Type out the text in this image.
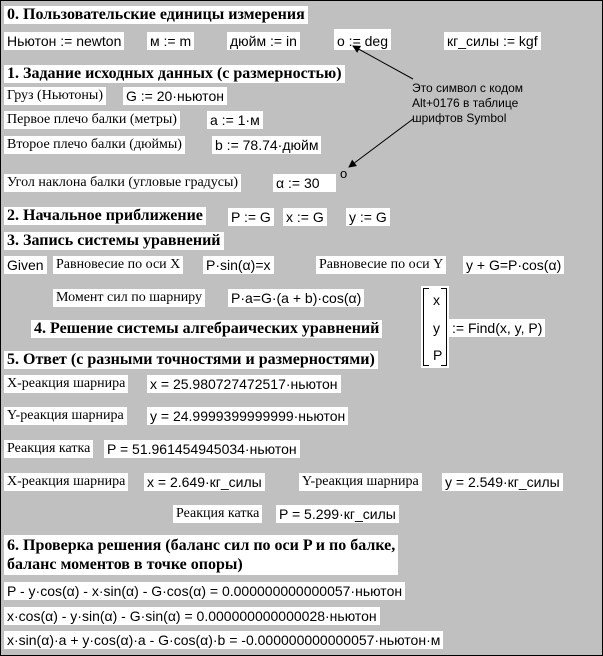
0. Пользовательские единицы измерения
Ньютон := newton м := m	дюйм := in	o := deg	кг_силы := kgf
Это символ с кодом
Alt+0176 в таблице
шрифтов Symbol
1. Задание исходных данных (с размерностью)
Груз (Ньютоны) G := 20·ньютон
Первое плечо балки (метры) a := 1·м
Второе плечо балки (дюймы) b := 78.74·дюйм
Угол наклона балки (угловые градусы)	α := 30
o
2. Начальное приближение P := G x := G y := G
3. Запись системы уравнений
Given Равновесие по оси X P·sin(α)=x	Равновесие по оси Y y + G=P·cos(α)
Момент сил по шарниру P·a=G·(a + b)·cos(α)
4. Решение системы алгебраических уравнений
x
y
P
:= Find(x, y, P)
5. Ответ (с разными точностями и размерностями)
X-реакция шарнира x = 25.980727472517·ньютон
Y-реакция шарнира y = 24.9999399999999·ньютон
Реакция катка P = 51.961454945034·ньютон
X-реакция шарнира x = 2.649·кг_силы	Y-реакция шарнира y = 2.549·кг_силы
Реакция катка P = 5.299·кг_силы
6. Проверка решения (баланс сил по оси P и по балке,
баланс моментов в точке опоры)
P - y·cos(α) - x·sin(α) - G·cos(α) = 0.000000000000057·ньютон
x·cos(α) - y·sin(α) - G·sin(α) = 0.000000000000028·ньютон
x·sin(α)·a + y·cos(α)·a - G·cos(α)·b = -0.000000000000057·ньютон·м
